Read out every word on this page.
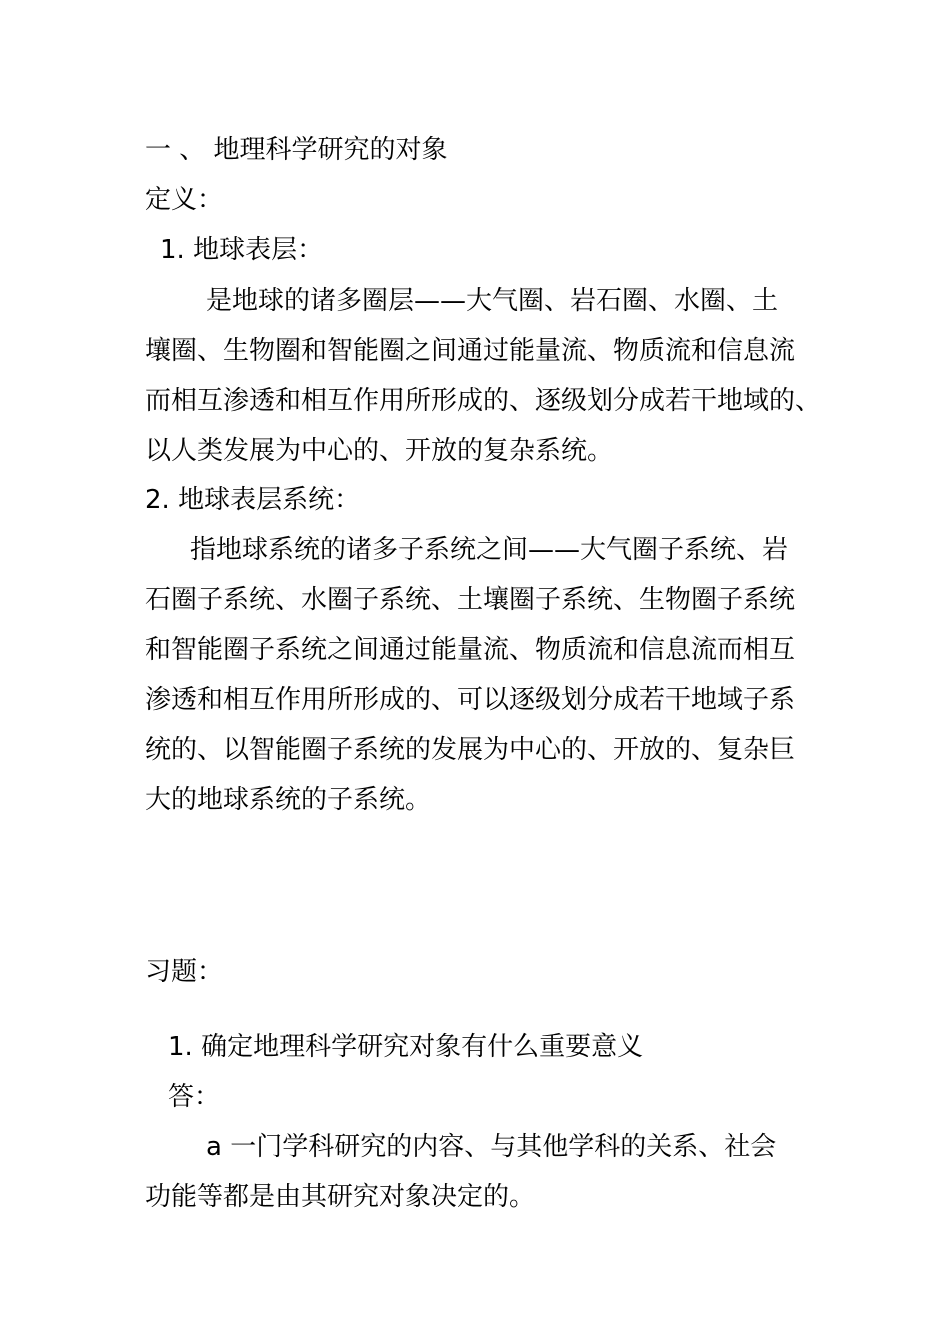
一 、 地理科学研究的对象
定义：
1. 地球表层：
是地球的诸多圈层——大气圈、岩石圈、水圈、土
壤圈、生物圈和智能圈之间通过能量流、物质流和信息流
而相互渗透和相互作用所形成的、逐级划分成若干地域的、
以人类发展为中心的、开放的复杂系统。
2. 地球表层系统：
指地球系统的诸多子系统之间——大气圈子系统、岩
石圈子系统、水圈子系统、土壤圈子系统、生物圈子系统
和智能圈子系统之间通过能量流、物质流和信息流而相互
渗透和相互作用所形成的、可以逐级划分成若干地域子系
统的、以智能圈子系统的发展为中心的、开放的、复杂巨
大的地球系统的子系统。
习题：
1. 确定地理科学研究对象有什么重要意义
答：
a 一门学科研究的内容、与其他学科的关系、社会
功能等都是由其研究对象决定的。
